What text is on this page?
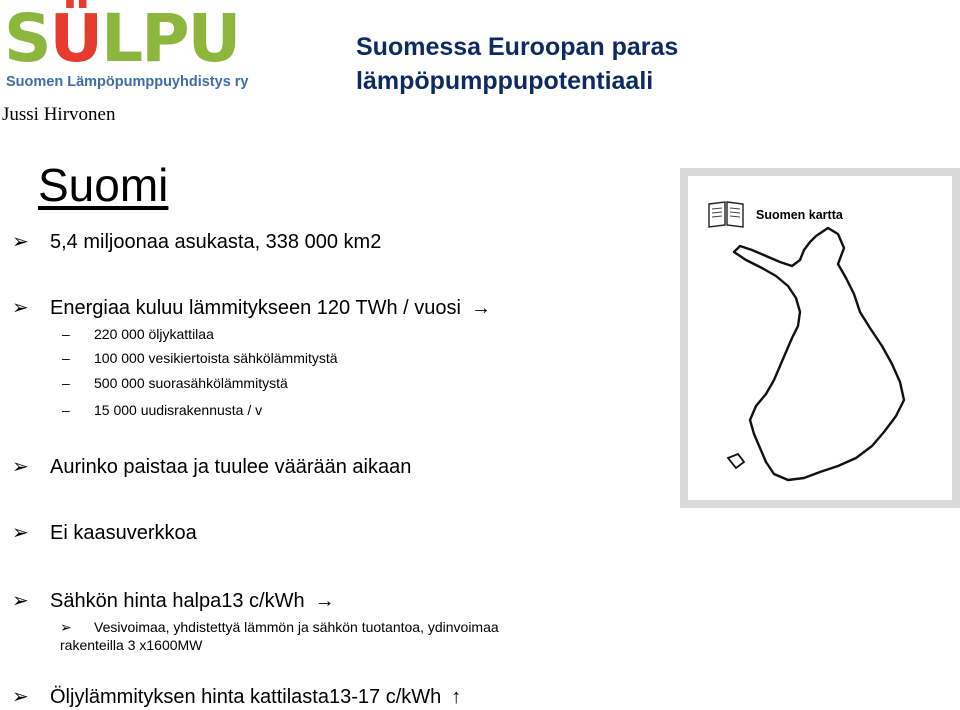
SÜLPU
Suomen Lämpöpumppuyhdistys ry
Jussi Hirvonen
Suomessa Euroopan paras
lämpöpumppupotentiaali
Suomi
➢ 5,4 miljoonaa asukasta, 338 000 km2
➢ Energiaa kuluu lämmitykseen 120 TWh / vuosi →
– 220 000 öljykattilaa
– 100 000 vesikiertoista sähkölämmitystä
– 500 000 suorasähkölämmitystä
– 15 000 uudisrakennusta / v
➢ Aurinko paistaa ja tuulee väärään aikaan
➢ Ei kaasuverkkoa
➢ Sähkön hinta halpa13 c/kWh →
➢ Vesivoimaa, yhdistettyä lämmön ja sähkön tuotantoa, ydinvoimaa
rakenteilla 3 x1600MW
➢ Öljylämmityksen hinta kattilasta13-17 c/kWh ↑
Suomen kartta
